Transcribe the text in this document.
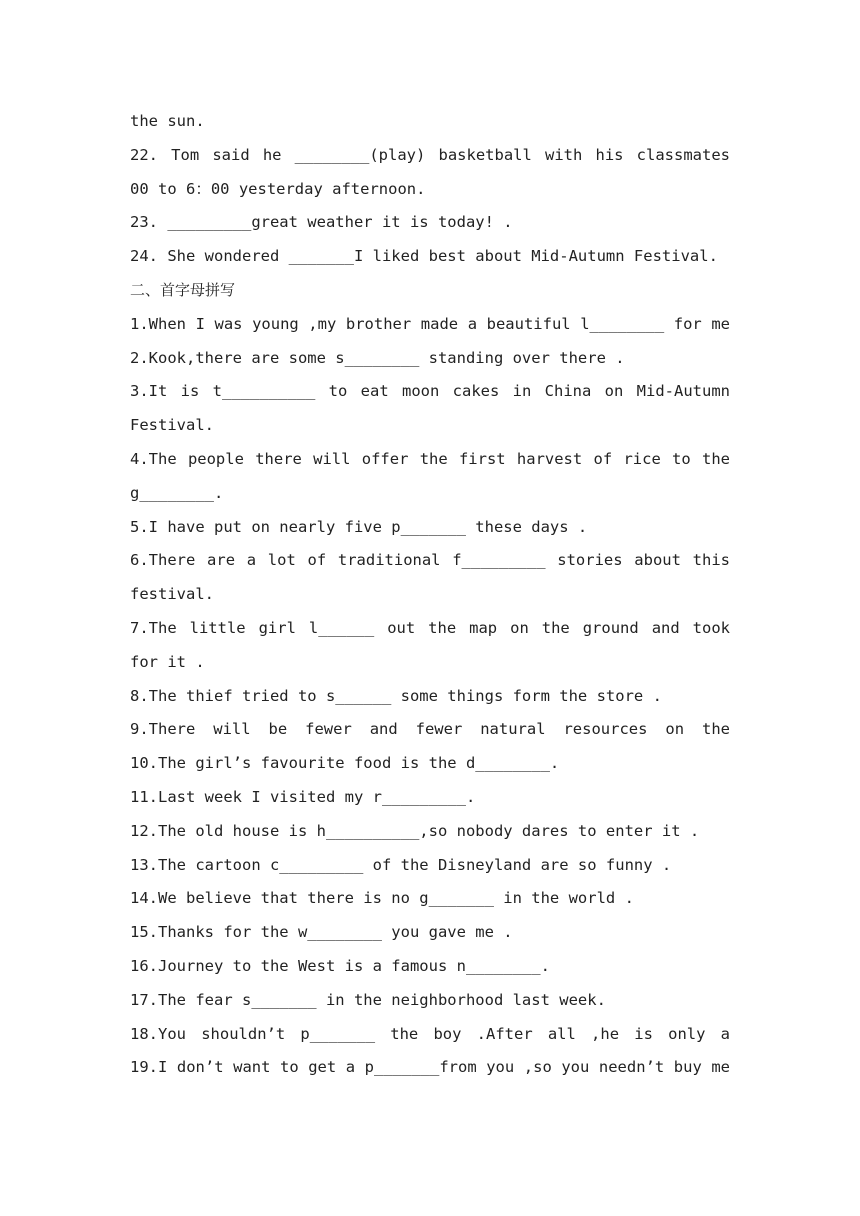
the sun.
22. Tom said he ________(play) basketball with his classmates
00 to 6：00 yesterday afternoon.
23. _________great weather it is today! .
24. She wondered _______I liked best about Mid-Autumn Festival.
二、首字母拼写
1.When I was young ,my brother made a beautiful l________ for me
2.Kook,there are some s________ standing over there .
3.It is t__________ to eat moon cakes in China on Mid-Autumn
Festival.
4.The people there will offer the first harvest of rice to the
g________.
5.I have put on nearly five p_______ these days .
6.There are a lot of traditional f_________ stories about this
festival.
7.The little girl l______ out the map on the ground and took
for it .
8.The thief tried to s______ some things form the store .
9.There will be fewer and fewer natural resources on the
10.The girl’s favourite food is the d________.
11.Last week I visited my r_________.
12.The old house is h__________,so nobody dares to enter it .
13.The cartoon c_________ of the Disneyland are so funny .
14.We believe that there is no g_______ in the world .
15.Thanks for the w________ you gave me .
16.Journey to the West is a famous n________.
17.The fear s_______ in the neighborhood last week.
18.You shouldn’t p_______ the boy .After all ,he is only a
19.I don’t want to get a p_______from you ,so you needn’t buy me
